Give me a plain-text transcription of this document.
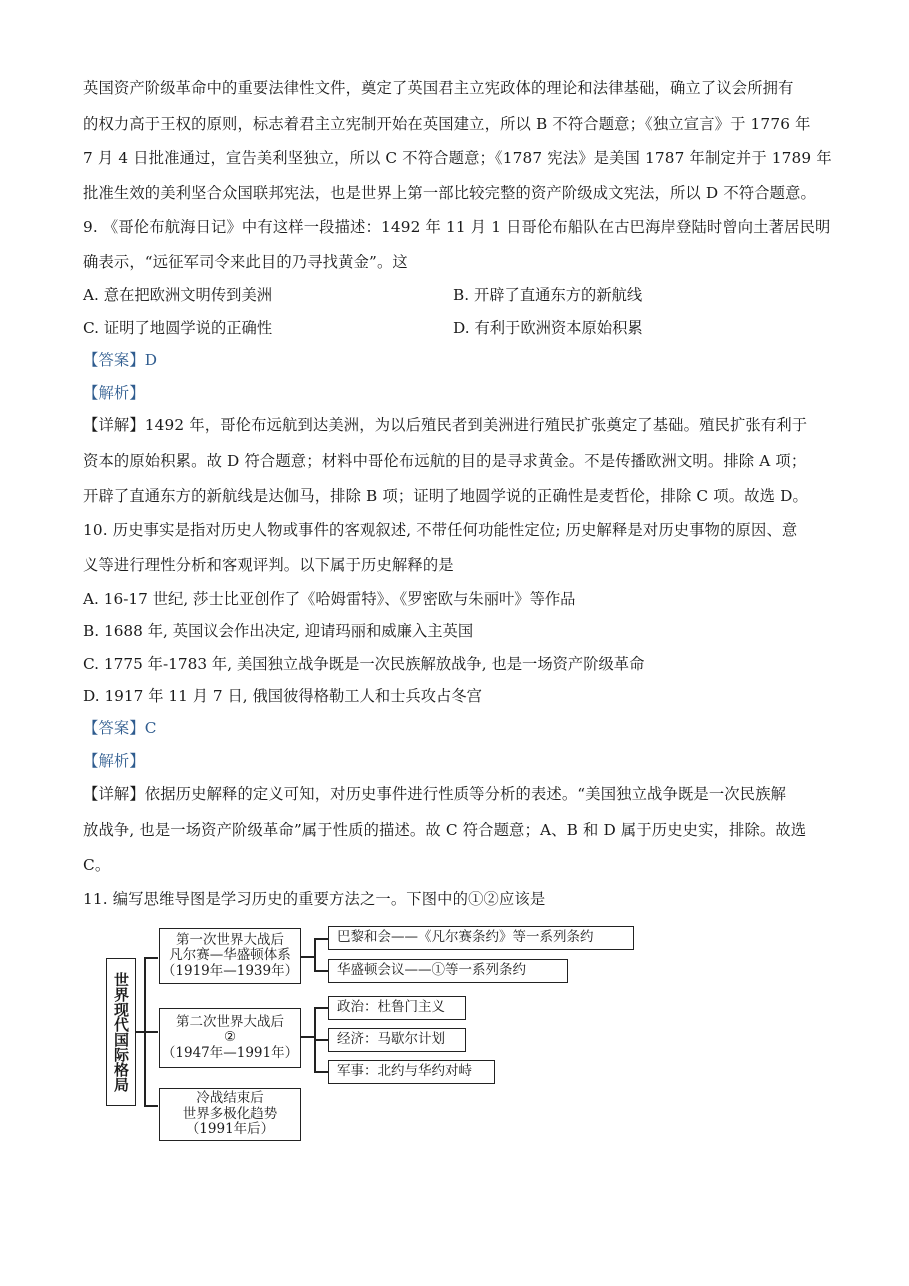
英国资产阶级革命中的重要法律性文件，奠定了英国君主立宪政体的理论和法律基础，确立了议会所拥有
的权力高于王权的原则，标志着君主立宪制开始在英国建立，所以 B 不符合题意；《独立宣言》于 1776 年
7 月 4 日批准通过，宣告美利坚独立，所以 C 不符合题意；《1787 宪法》是美国 1787 年制定并于 1789 年
批准生效的美利坚合众国联邦宪法，也是世界上第一部比较完整的资产阶级成文宪法，所以 D 不符合题意。
9. 《哥伦布航海日记》中有这样一段描述：1492 年 11 月 1 日哥伦布船队在古巴海岸登陆时曾向土著居民明
确表示，“远征军司令来此目的乃寻找黄金”。这
A. 意在把欧洲文明传到美洲	B. 开辟了直通东方的新航线
C. 证明了地圆学说的正确性	D. 有利于欧洲资本原始积累
【答案】D
【解析】
【详解】1492 年，哥伦布远航到达美洲，为以后殖民者到美洲进行殖民扩张奠定了基础。殖民扩张有利于
资本的原始积累。故 D 符合题意；材料中哥伦布远航的目的是寻求黄金。不是传播欧洲文明。排除 A 项；
开辟了直通东方的新航线是达伽马，排除 B 项；证明了地圆学说的正确性是麦哲伦，排除 C 项。故选 D。
10. 历史事实是指对历史人物或事件的客观叙述, 不带任何功能性定位; 历史解释是对历史事物的原因、意
义等进行理性分析和客观评判。以下属于历史解释的是
A. 16-17 世纪, 莎士比亚创作了《哈姆雷特》、《罗密欧与朱丽叶》等作品
B. 1688 年, 英国议会作出决定, 迎请玛丽和威廉入主英国
C. 1775 年-1783 年, 美国独立战争既是一次民族解放战争, 也是一场资产阶级革命
D. 1917 年 11 月 7 日, 俄国彼得格勒工人和士兵攻占冬宫
【答案】C
【解析】
【详解】依据历史解释的定义可知，对历史事件进行性质等分析的表述。“美国独立战争既是一次民族解
放战争, 也是一场资产阶级革命”属于性质的描述。故 C 符合题意；A、B 和 D 属于历史史实，排除。故选
C。
11. 编写思维导图是学习历史的重要方法之一。下图中的①②应该是
世界现代国际格局
第一次世界大战后
凡尔赛—华盛顿体系
（1919年—1939年）
巴黎和会——《凡尔赛条约》等一系列条约
华盛顿会议——①等一系列条约
第二次世界大战后
②
（1947年—1991年）
政治：杜鲁门主义
经济：马歇尔计划
军事：北约与华约对峙
冷战结束后
世界多极化趋势
（1991年后）
